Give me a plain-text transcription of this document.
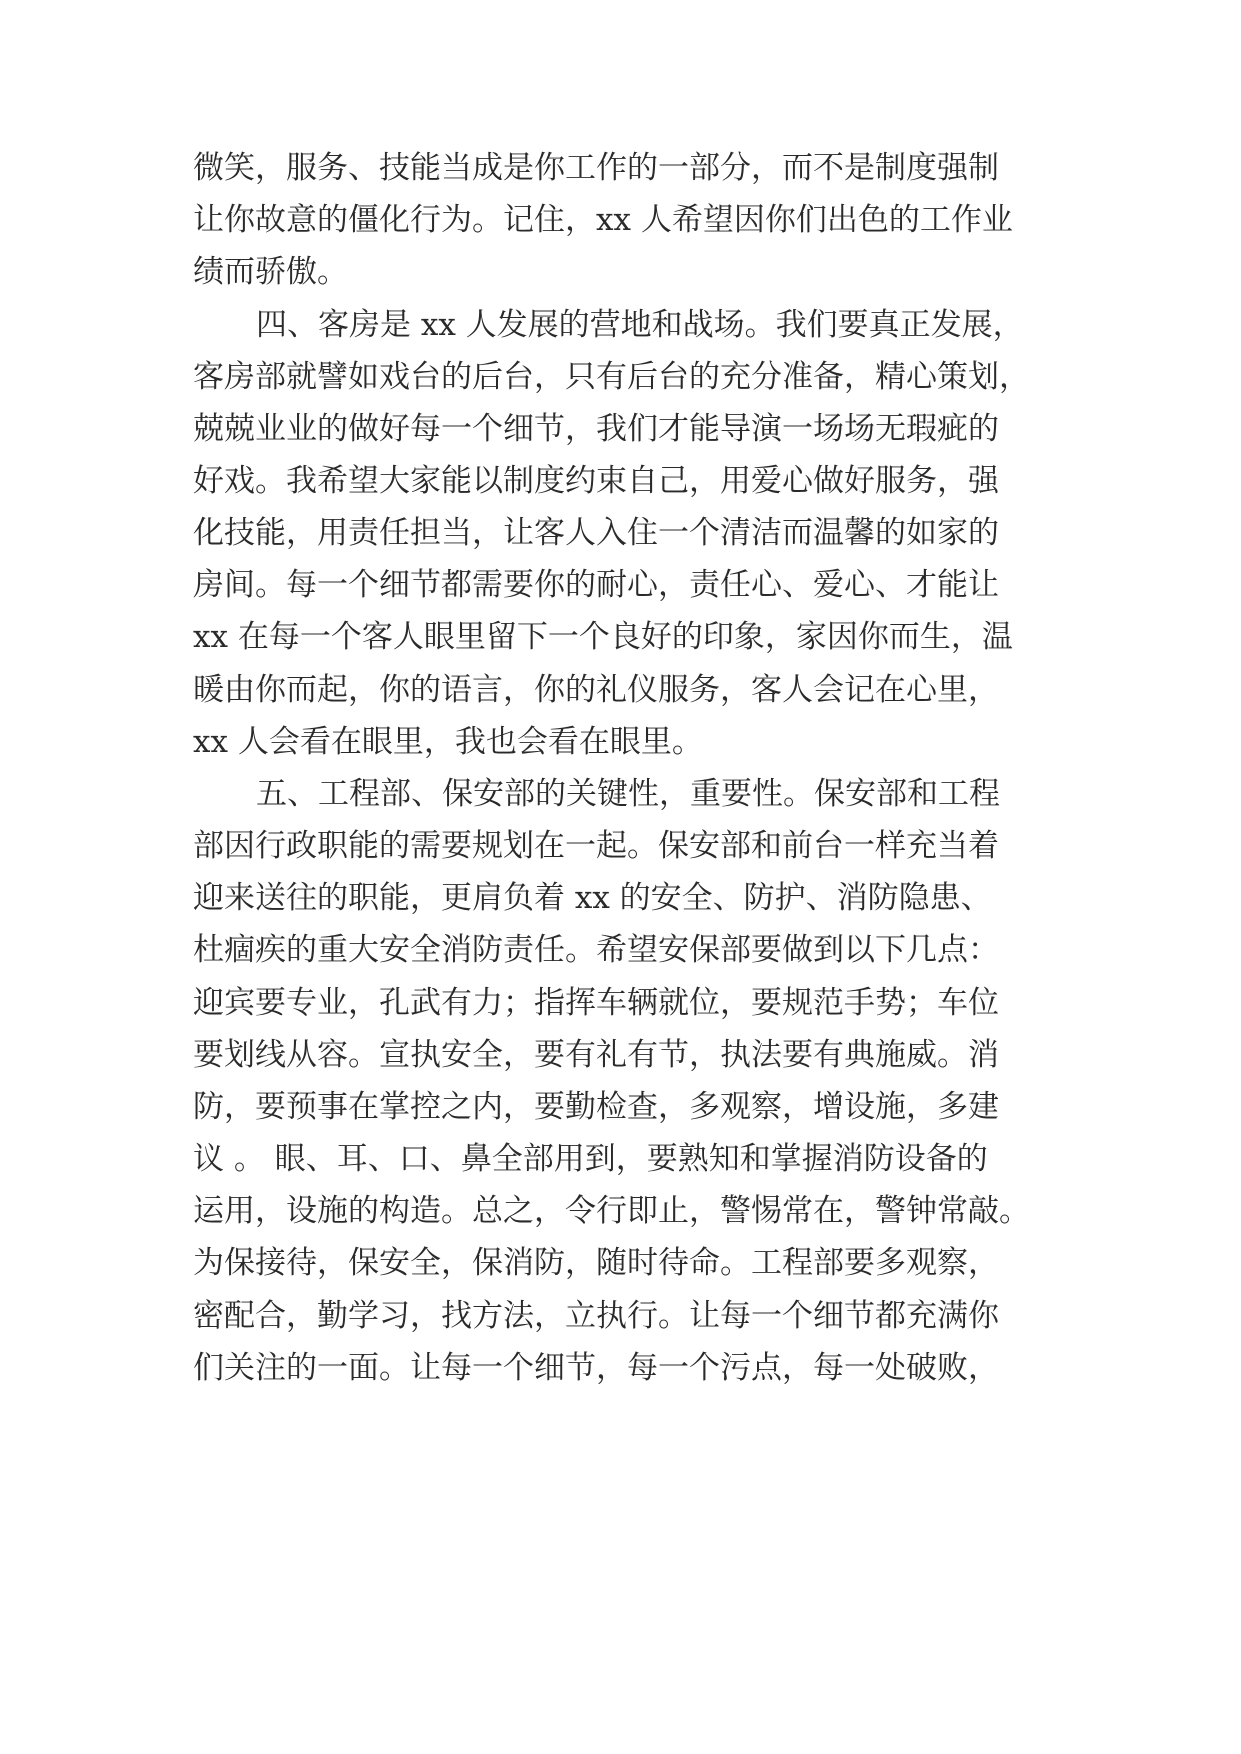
微笑，服务、技能当成是你工作的一部分，而不是制度强制
让你故意的僵化行为。记住，xx 人希望因你们出色的工作业
绩而骄傲。
四、客房是 xx 人发展的营地和战场。我们要真正发展，
客房部就譬如戏台的后台，只有后台的充分准备，精心策划，
兢兢业业的做好每一个细节，我们才能导演一场场无瑕疵的
好戏。我希望大家能以制度约束自己，用爱心做好服务，强
化技能，用责任担当，让客人入住一个清洁而温馨的如家的
房间。每一个细节都需要你的耐心，责任心、爱心、才能让
xx 在每一个客人眼里留下一个良好的印象，家因你而生，温
暖由你而起，你的语言，你的礼仪服务，客人会记在心里，
xx 人会看在眼里，我也会看在眼里。
五、工程部、保安部的关键性，重要性。保安部和工程
部因行政职能的需要规划在一起。保安部和前台一样充当着
迎来送往的职能，更肩负着 xx 的安全、防护、消防隐患、
杜痼疾的重大安全消防责任。希望安保部要做到以下几点：
迎宾要专业，孔武有力；指挥车辆就位，要规范手势；车位
要划线从容。宣执安全，要有礼有节，执法要有典施威。消
防，要预事在掌控之内，要勤检查，多观察，增设施，多建
议 。 眼、耳、口、鼻全部用到，要熟知和掌握消防设备的
运用，设施的构造。总之，令行即止，警惕常在，警钟常敲。
为保接待，保安全，保消防，随时待命。工程部要多观察，
密配合，勤学习，找方法，立执行。让每一个细节都充满你
们关注的一面。让每一个细节，每一个污点，每一处破败，
